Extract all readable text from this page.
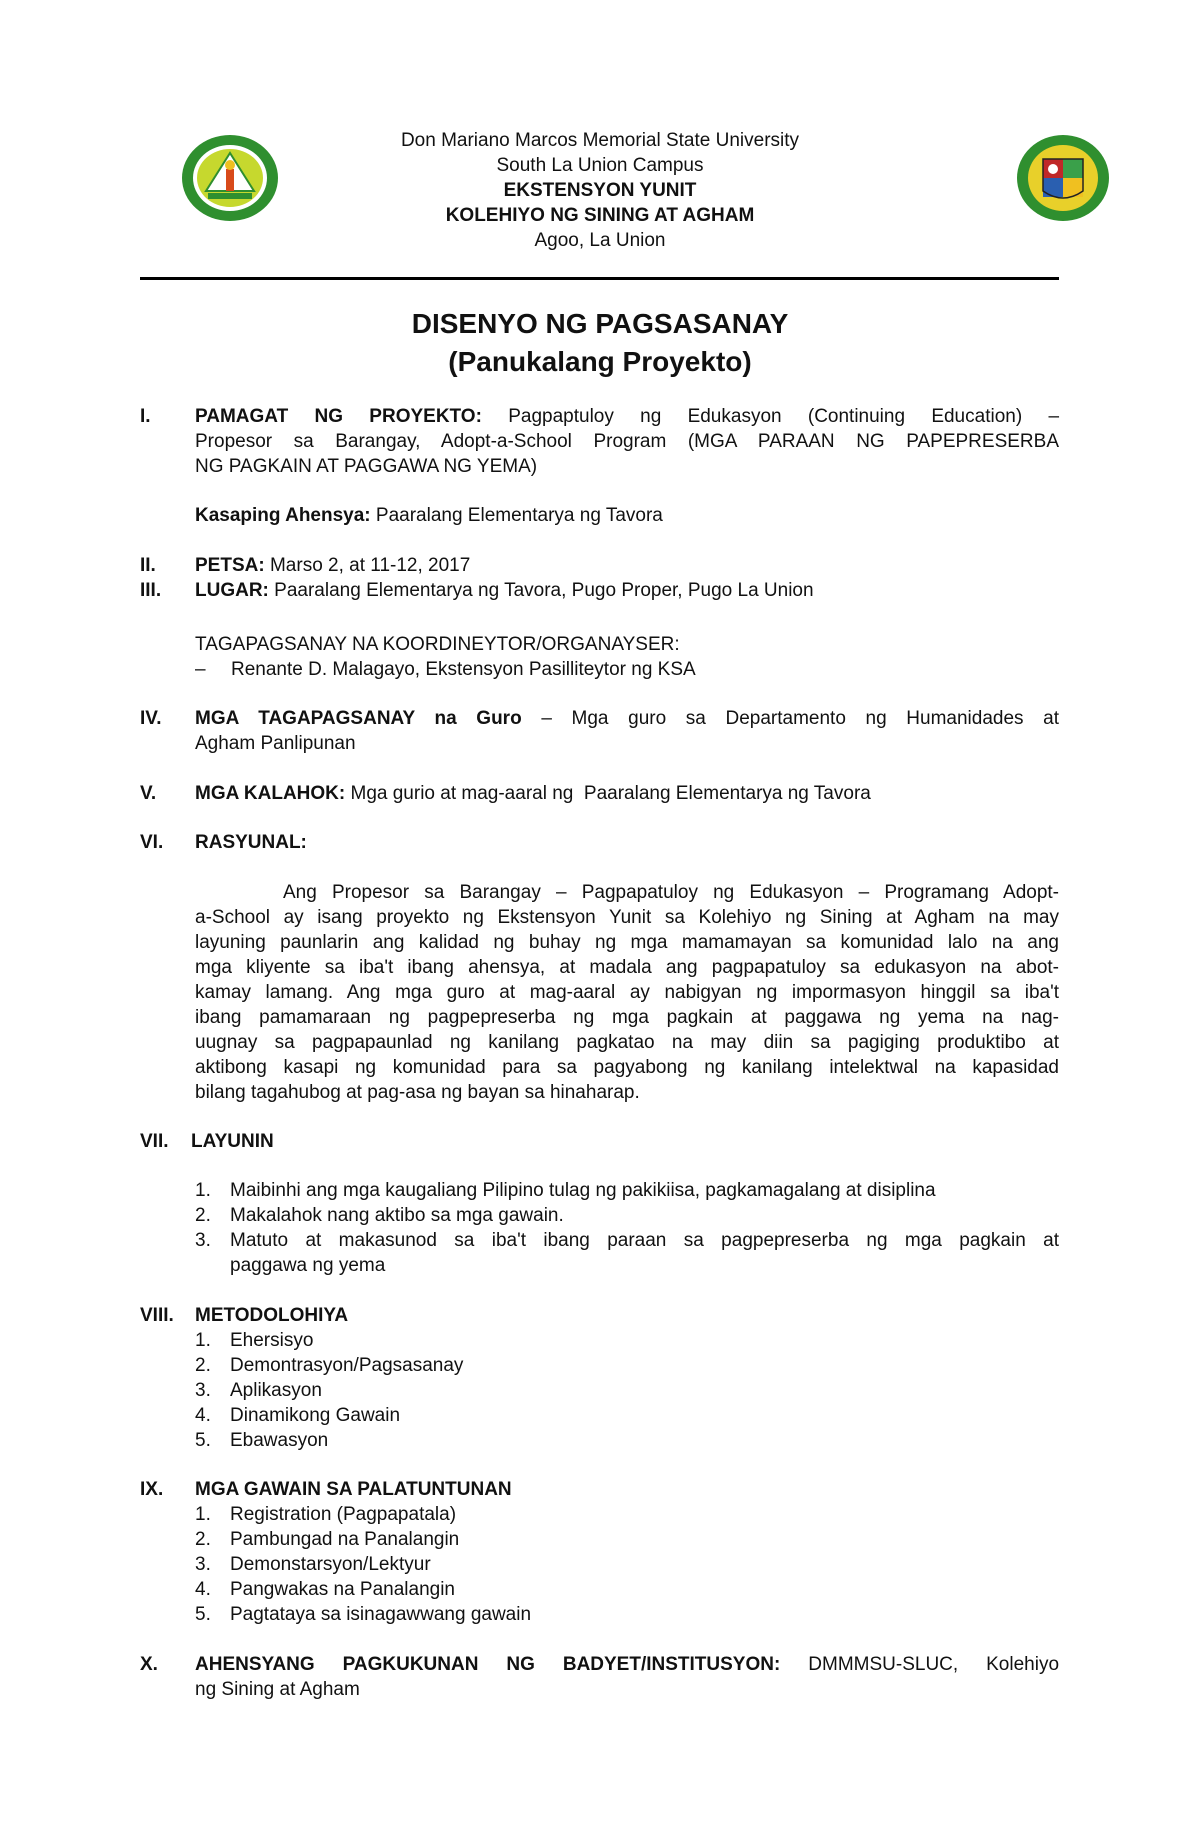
Don Mariano Marcos Memorial State University
South La Union Campus
EKSTENSYON YUNIT
KOLEHIYO NG SINING AT AGHAM
Agoo, La Union
DISENYO NG PAGSASANAY
(Panukalang Proyekto)
I. PAMAGAT NG PROYEKTO: Pagpaptuloy ng Edukasyon (Continuing Education) –
Propesor sa Barangay, Adopt-a-School Program (MGA PARAAN NG PAPEPRESERBA
NG PAGKAIN AT PAGGAWA NG YEMA)
Kasaping Ahensya: Paaralang Elementarya ng Tavora
II. PETSA: Marso 2, at 11-12, 2017
III. LUGAR: Paaralang Elementarya ng Tavora, Pugo Proper, Pugo La Union
TAGAPAGSANAY NA KOORDINEYTOR/ORGANAYSER:
– Renante D. Malagayo, Ekstensyon Pasilliteytor ng KSA
IV. MGA TAGAPAGSANAY na Guro – Mga guro sa Departamento ng Humanidades at
Agham Panlipunan
V. MGA KALAHOK: Mga gurio at mag-aaral ng  Paaralang Elementarya ng Tavora
VI. RASYUNAL:
Ang Propesor sa Barangay – Pagpapatuloy ng Edukasyon – Programang Adopt-
a-School ay isang proyekto ng Ekstensyon Yunit sa Kolehiyo ng Sining at Agham na may
layuning paunlarin ang kalidad ng buhay ng mga mamamayan sa komunidad lalo na ang
mga kliyente sa iba't ibang ahensya, at madala ang pagpapatuloy sa edukasyon na abot-
kamay lamang. Ang mga guro at mag-aaral ay nabigyan ng impormasyon hinggil sa iba't
ibang pamamaraan ng pagpepreserba ng mga pagkain at paggawa ng yema na nag-
uugnay sa pagpapaunlad ng kanilang pagkatao na may diin sa pagiging produktibo at
aktibong kasapi ng komunidad para sa pagyabong ng kanilang intelektwal na kapasidad
bilang tagahubog at pag-asa ng bayan sa hinaharap.
VII. LAYUNIN
1. Maibinhi ang mga kaugaliang Pilipino tulag ng pakikiisa, pagkamagalang at disiplina
2. Makalahok nang aktibo sa mga gawain.
3. Matuto at makasunod sa iba't ibang paraan sa pagpepreserba ng mga pagkain at
paggawa ng yema
VIII. METODOLOHIYA
1. Ehersisyo
2. Demontrasyon/Pagsasanay
3. Aplikasyon
4. Dinamikong Gawain
5. Ebawasyon
IX. MGA GAWAIN SA PALATUNTUNAN
1. Registration (Pagpapatala)
2. Pambungad na Panalangin
3. Demonstarsyon/Lektyur
4. Pangwakas na Panalangin
5. Pagtataya sa isinagawwang gawain
X. AHENSYANG PAGKUKUNAN NG BADYET/INSTITUSYON: DMMMSU-SLUC, Kolehiyo
ng Sining at Agham
